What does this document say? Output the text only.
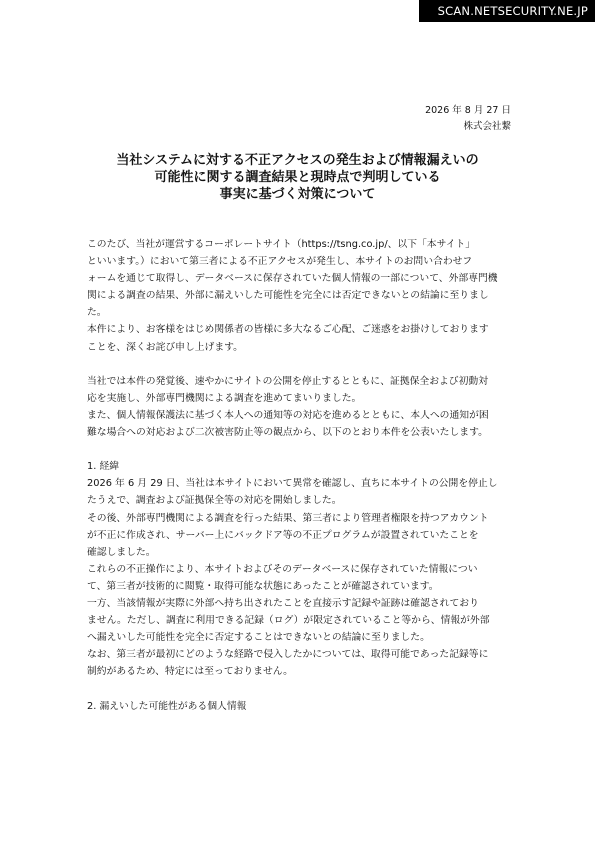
SCAN.NETSECURITY.NE.JP
2026 年 8 月 27 日
株式会社繋
当社システムに対する不正アクセスの発生および情報漏えいの
可能性に関する調査結果と現時点で判明している
事実に基づく対策について
このたび、当社が運営するコーポレートサイト（https://tsng.co.jp/、以下「本サイト」
といいます。）において第三者による不正アクセスが発生し、本サイトのお問い合わせフ
ォームを通じて取得し、データベースに保存されていた個人情報の一部について、外部専門機
関による調査の結果、外部に漏えいした可能性を完全には否定できないとの結論に至りまし
た。
本件により、お客様をはじめ関係者の皆様に多大なるご心配、ご迷惑をお掛けしております
ことを、深くお詫び申し上げます。
当社では本件の発覚後、速やかにサイトの公開を停止するとともに、証拠保全および初動対
応を実施し、外部専門機関による調査を進めてまいりました。
また、個人情報保護法に基づく本人への通知等の対応を進めるとともに、本人への通知が困
難な場合への対応および二次被害防止等の観点から、以下のとおり本件を公表いたします。
1. 経緯
2026 年 6 月 29 日、当社は本サイトにおいて異常を確認し、直ちに本サイトの公開を停止し
たうえで、調査および証拠保全等の対応を開始しました。
その後、外部専門機関による調査を行った結果、第三者により管理者権限を持つアカウント
が不正に作成され、サーバー上にバックドア等の不正プログラムが設置されていたことを
確認しました。
これらの不正操作により、本サイトおよびそのデータベースに保存されていた情報につい
て、第三者が技術的に閲覧・取得可能な状態にあったことが確認されています。
一方、当該情報が実際に外部へ持ち出されたことを直接示す記録や証跡は確認されており
ません。ただし、調査に利用できる記録（ログ）が限定されていること等から、情報が外部
へ漏えいした可能性を完全に否定することはできないとの結論に至りました。
なお、第三者が最初にどのような経路で侵入したかについては、取得可能であった記録等に
制約があるため、特定には至っておりません。
2. 漏えいした可能性がある個人情報
